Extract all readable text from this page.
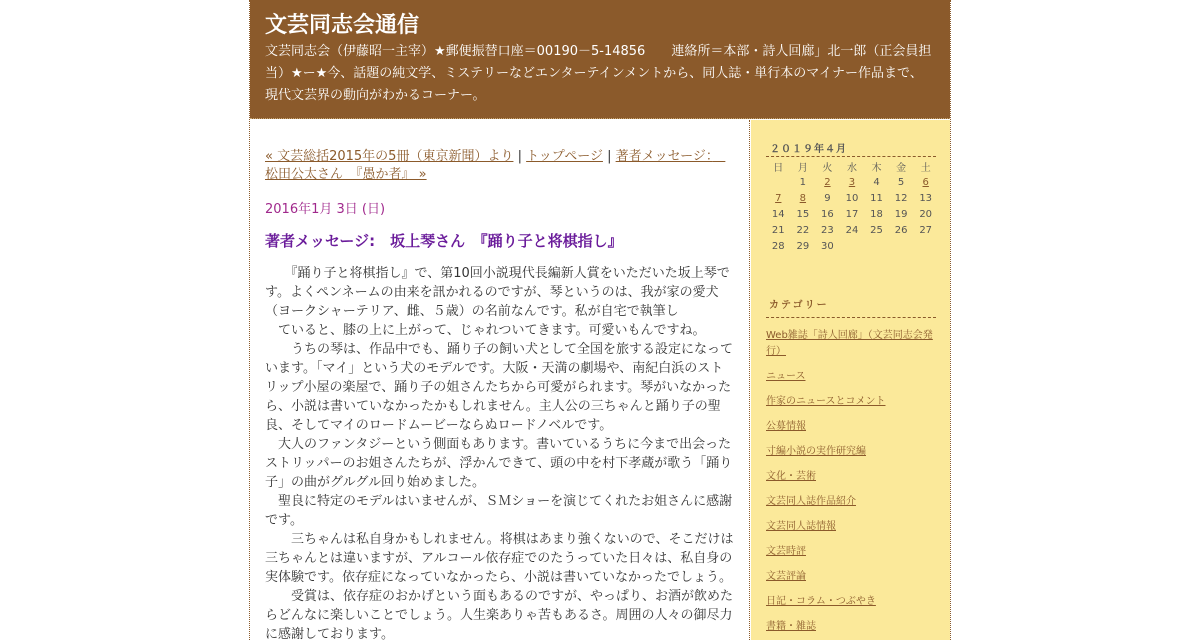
文芸同志会通信
文芸同志会（伊藤昭一主宰）★郵便振替口座＝00190－5-14856　　連絡所＝本部・詩人回廊」北一郎（正会員担当）★ー★今、話題の純文学、ミステリーなどエンターテインメントから、同人誌・単行本のマイナー作品まで、現代文芸界の動向がわかるコーナー。
« 文芸総括2015年の5冊（東京新聞）より | トップページ | 著者メッセージ：　松田公太さん　『愚か者』 »
2016年1月 3日 (日)
著者メッセージ:　坂上琴さん　『踊り子と将棋指し』

　　『踊り子と将棋指し』で、第10回小説現代長編新人賞をいただいた坂上琴です。よくペンネームの由来を訊かれるのですが、琴というのは、我が家の愛犬（ヨークシャーテリア、雌、５歳）の名前なんです。私が自宅で執筆し

　ていると、膝の上に上がって、じゃれついてきます。可愛いもんですね。

　　うちの琴は、作品中でも、踊り子の飼い犬として全国を旅する設定になっています。「マイ」という犬のモデルです。大阪・天満の劇場や、南紀白浜のストリップ小屋の楽屋で、踊り子の姐さんたちから可愛がられます。琴がいなかったら、小説は書いていなかったかもしれません。主人公の三ちゃんと踊り子の聖良、そしてマイのロードムービーならぬロードノベルです。

　大人のファンタジーという側面もあります。書いているうちに今まで出会ったストリッパーのお姐さんたちが、浮かんできて、頭の中を村下孝蔵が歌う「踊り子」の曲がグルグル回り始めました。

　聖良に特定のモデルはいませんが、ＳＭショーを演じてくれたお姐さんに感謝です。

　　三ちゃんは私自身かもしれません。将棋はあまり強くないので、そこだけは三ちゃんとは違いますが、アルコール依存症でのたうっていた日々は、私自身の実体験です。依存症になっていなかったら、小説は書いていなかったでしょう。

　　受賞は、依存症のおかげという面もあるのですが、やっぱり、お酒が飲めたらどんなに楽しいことでしょう。人生楽ありゃ苦もあるさ。周囲の人々の御尽力に感謝しております。

２０１９年４月
日	月	火	水	木	金	土
	1	2	3	4	5	6
7	8	9	10	11	12	13
14	15	16	17	18	19	20
21	22	23	24	25	26	27
28	29	30				
カテゴリー
Web雑誌「詩人回廊」（文芸同志会発行）
ニュース
作家のニュースとコメント
公募情報
寸編小説の実作研究編
文化・芸術
文芸同人誌作品紹介
文芸同人誌情報
文芸時評
文芸評論
日記・コラム・つぶやき
書籍・雑誌
